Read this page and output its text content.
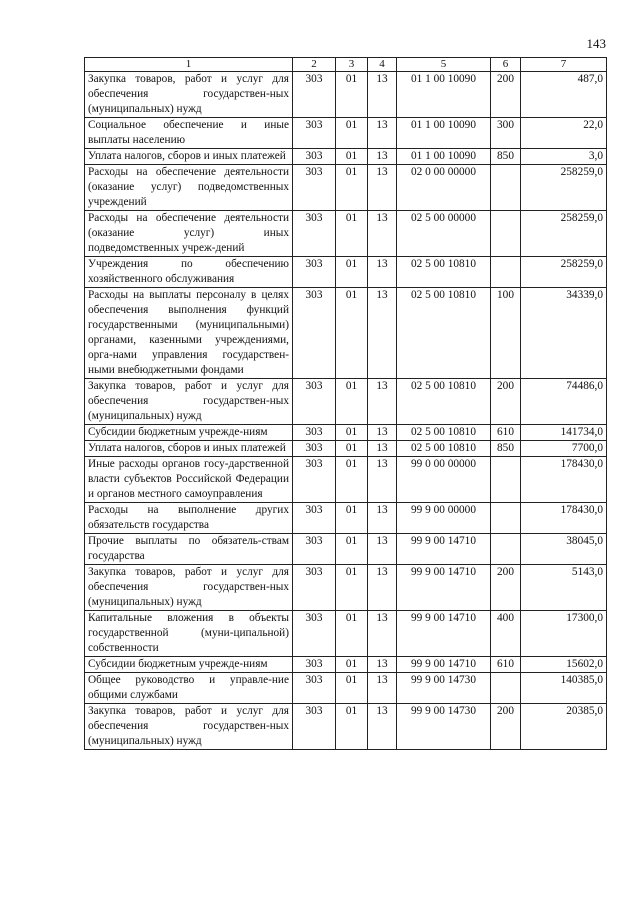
143
1	2	3	4	5	6	7
Закупка товаров, работ и услуг для обеспечения государствен-ных (муниципальных) нужд	303	01	13	01 1 00 10090	200	487,0
Социальное обеспечение и иные выплаты населению	303	01	13	01 1 00 10090	300	22,0
Уплата налогов, сборов и иных платежей	303	01	13	01 1 00 10090	850	3,0
Расходы на обеспечение деятельности (оказание услуг) подведомственных учреждений	303	01	13	02 0 00 00000		258259,0
Расходы на обеспечение деятельности (оказание услуг) иных подведомственных учреж-дений	303	01	13	02 5 00 00000		258259,0
Учреждения по обеспечению хозяйственного обслуживания	303	01	13	02 5 00 10810		258259,0
Расходы на выплаты персоналу в целях обеспечения выполнения функций государственными (муниципальными) органами, казенными учреждениями, орга-нами управления государствен-ными внебюджетными фондами	303	01	13	02 5 00 10810	100	34339,0
Закупка товаров, работ и услуг для обеспечения государствен-ных (муниципальных) нужд	303	01	13	02 5 00 10810	200	74486,0
Субсидии бюджетным учрежде-ниям	303	01	13	02 5 00 10810	610	141734,0
Уплата налогов, сборов и иных платежей	303	01	13	02 5 00 10810	850	7700,0
Иные расходы органов госу-дарственной власти субъектов Российской Федерации и органов местного самоуправления	303	01	13	99 0 00 00000		178430,0
Расходы на выполнение других обязательств государства	303	01	13	99 9 00 00000		178430,0
Прочие выплаты по обязатель-ствам государства	303	01	13	99 9 00 14710		38045,0
Закупка товаров, работ и услуг для обеспечения государствен-ных (муниципальных) нужд	303	01	13	99 9 00 14710	200	5143,0
Капитальные вложения в объекты государственной (муни-ципальной) собственности	303	01	13	99 9 00 14710	400	17300,0
Субсидии бюджетным учрежде-ниям	303	01	13	99 9 00 14710	610	15602,0
Общее руководство и управле-ние общими службами	303	01	13	99 9 00 14730		140385,0
Закупка товаров, работ и услуг для обеспечения государствен-ных (муниципальных) нужд	303	01	13	99 9 00 14730	200	20385,0
